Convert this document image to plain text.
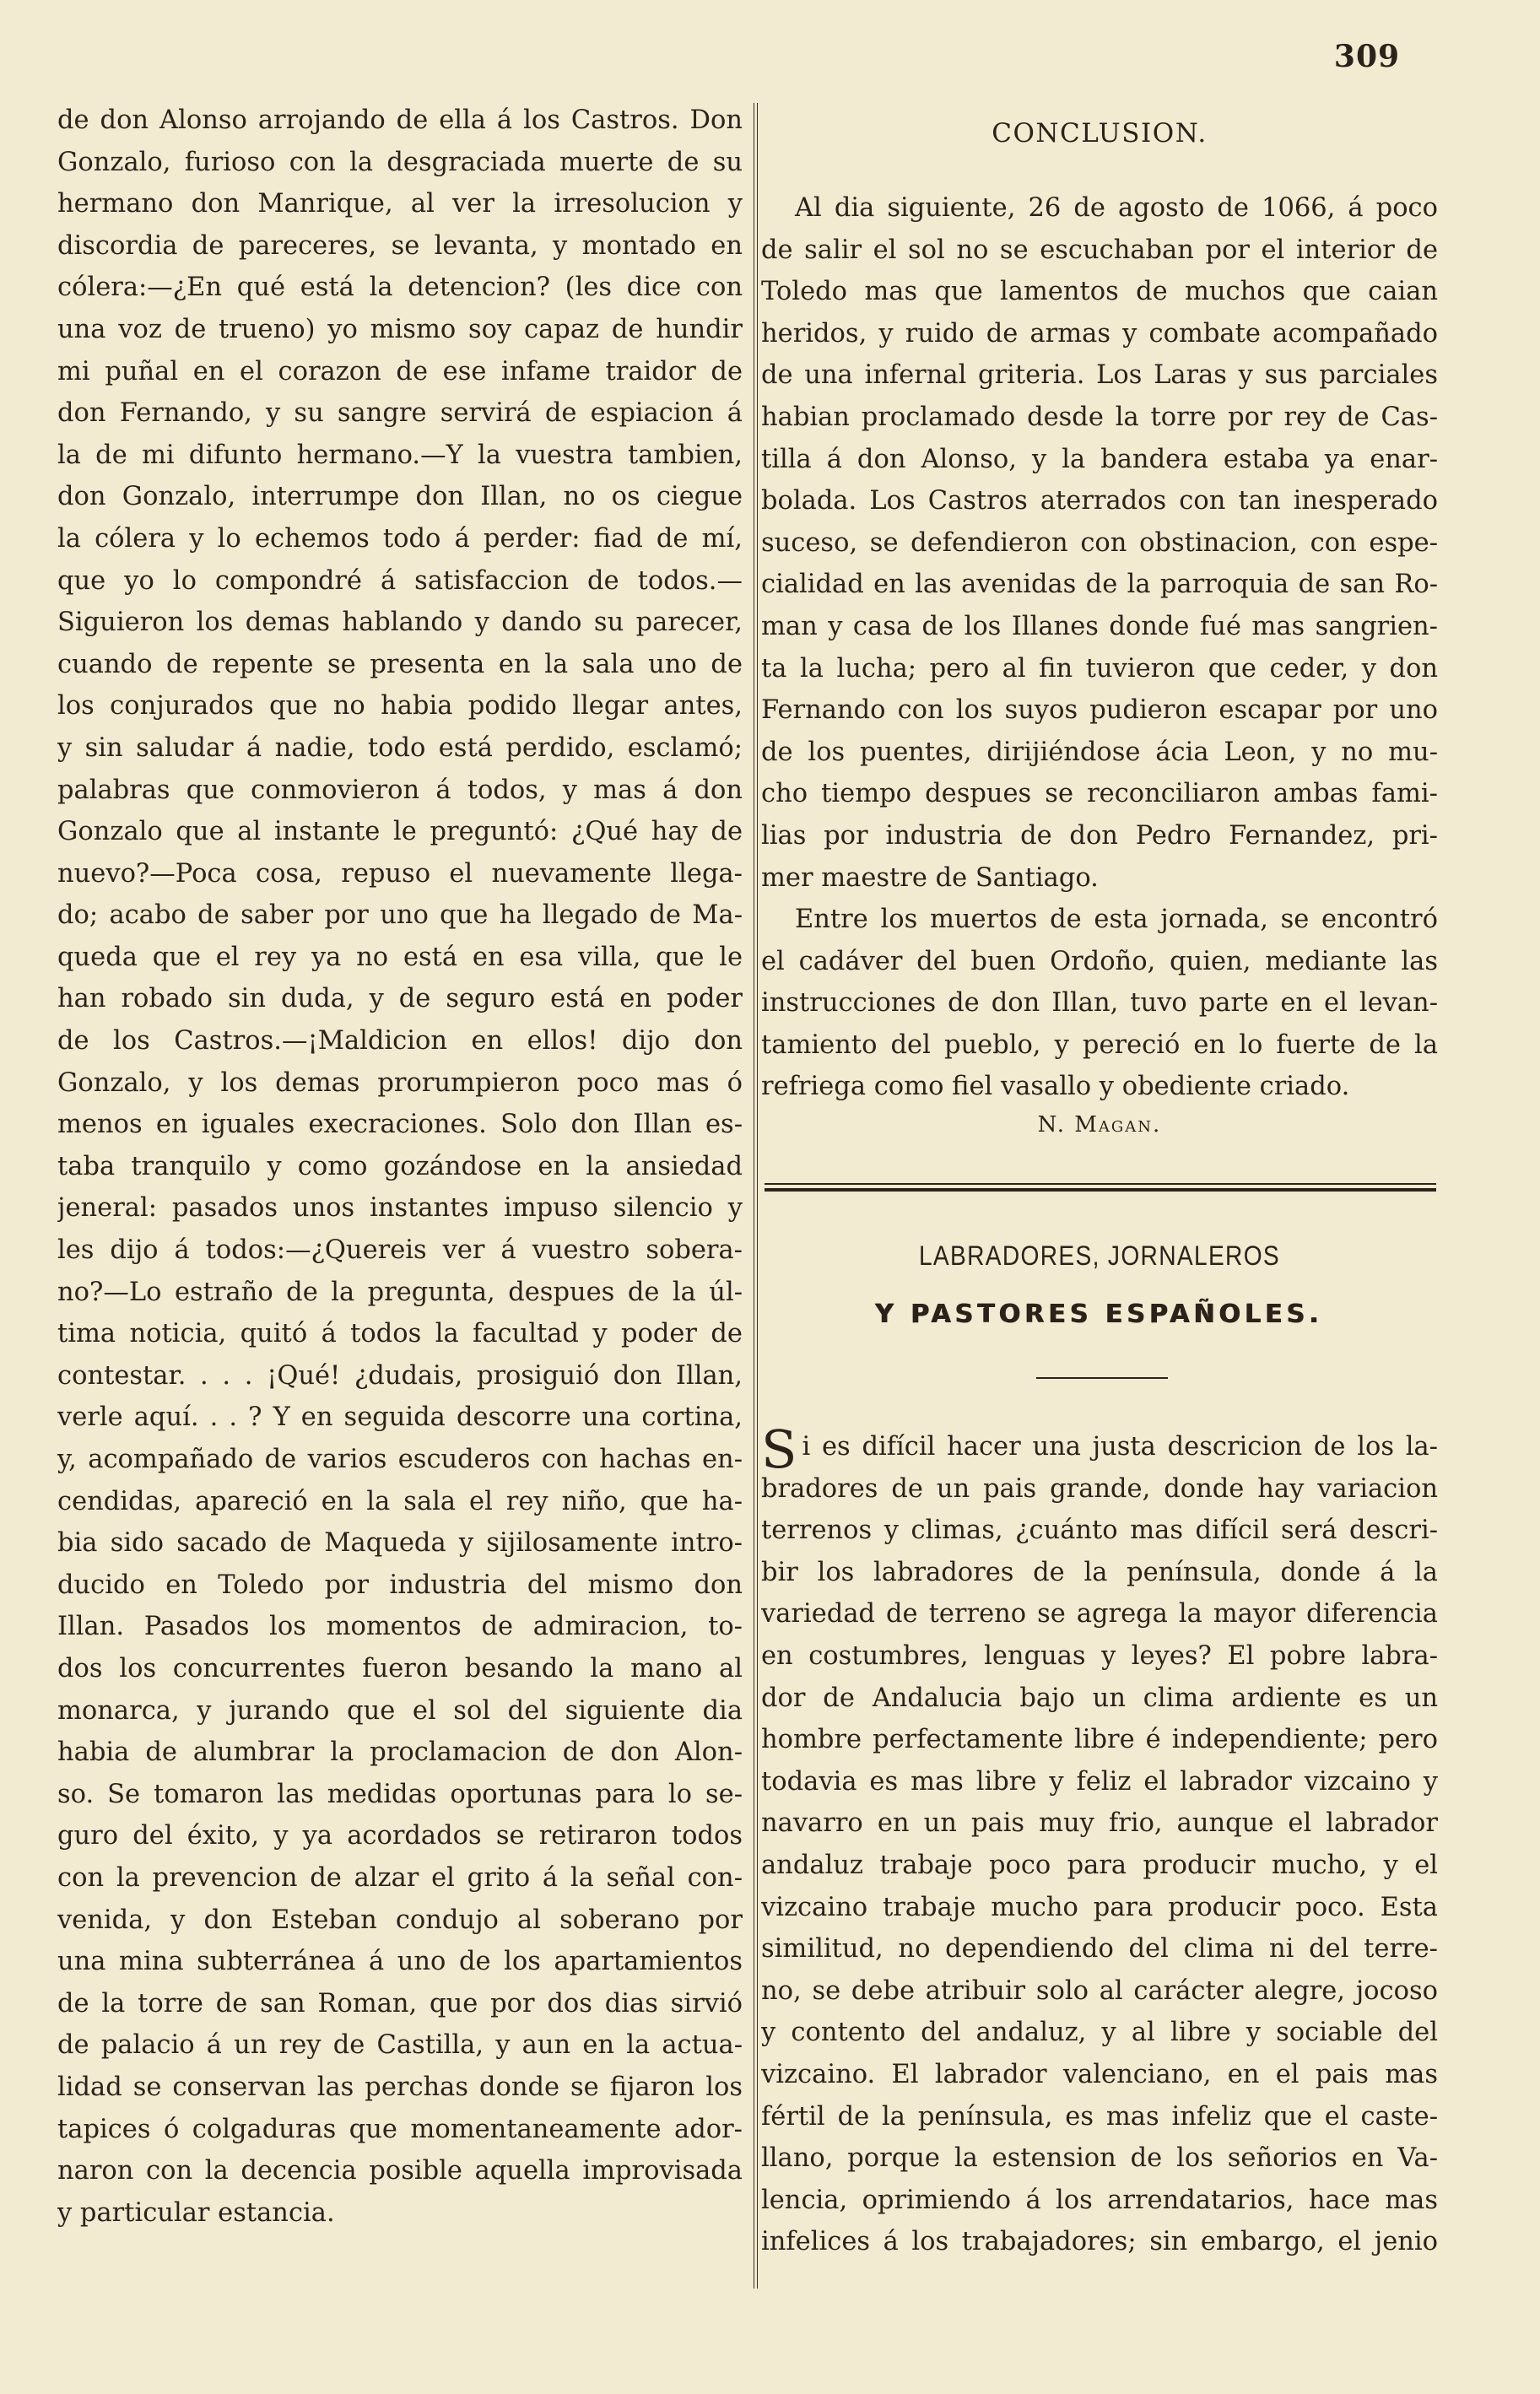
309
de don Alonso arrojando de ella á los Castros. Don
Gonzalo, furioso con la desgraciada muerte de su
hermano don Manrique, al ver la irresolucion y
discordia de pareceres, se levanta, y montado en
cólera:—¿En qué está la detencion? (les dice con
una voz de trueno) yo mismo soy capaz de hundir
mi puñal en el corazon de ese infame traidor de
don Fernando, y su sangre servirá de espiacion á
la de mi difunto hermano.—Y la vuestra tambien,
don Gonzalo, interrumpe don Illan, no os ciegue
la cólera y lo echemos todo á perder: fiad de mí,
que yo lo compondré á satisfaccion de todos.—
Siguieron los demas hablando y dando su parecer,
cuando de repente se presenta en la sala uno de
los conjurados que no habia podido llegar antes,
y sin saludar á nadie, todo está perdido, esclamó;
palabras que conmovieron á todos, y mas á don
Gonzalo que al instante le preguntó: ¿Qué hay de
nuevo?—Poca cosa, repuso el nuevamente llega-
do; acabo de saber por uno que ha llegado de Ma-
queda que el rey ya no está en esa villa, que le
han robado sin duda, y de seguro está en poder
de los Castros.—¡Maldicion en ellos! dijo don
Gonzalo, y los demas prorumpieron poco mas ó
menos en iguales execraciones. Solo don Illan es-
taba tranquilo y como gozándose en la ansiedad
jeneral: pasados unos instantes impuso silencio y
les dijo á todos:—¿Quereis ver á vuestro sobera-
no?—Lo estraño de la pregunta, despues de la úl-
tima noticia, quitó á todos la facultad y poder de
contestar. . . . ¡Qué! ¿dudais, prosiguió don Illan,
verle aquí. . . ? Y en seguida descorre una cortina,
y, acompañado de varios escuderos con hachas en-
cendidas, apareció en la sala el rey niño, que ha-
bia sido sacado de Maqueda y sijilosamente intro-
ducido en Toledo por industria del mismo don
Illan. Pasados los momentos de admiracion, to-
dos los concurrentes fueron besando la mano al
monarca, y jurando que el sol del siguiente dia
habia de alumbrar la proclamacion de don Alon-
so. Se tomaron las medidas oportunas para lo se-
guro del éxito, y ya acordados se retiraron todos
con la prevencion de alzar el grito á la señal con-
venida, y don Esteban condujo al soberano por
una mina subterránea á uno de los apartamientos
de la torre de san Roman, que por dos dias sirvió
de palacio á un rey de Castilla, y aun en la actua-
lidad se conservan las perchas donde se fijaron los
tapices ó colgaduras que momentaneamente ador-
naron con la decencia posible aquella improvisada
y particular estancia.
CONCLUSION.
Al dia siguiente, 26 de agosto de 1066, á poco
de salir el sol no se escuchaban por el interior de
Toledo mas que lamentos de muchos que caian
heridos, y ruido de armas y combate acompañado
de una infernal griteria. Los Laras y sus parciales
habian proclamado desde la torre por rey de Cas-
tilla á don Alonso, y la bandera estaba ya enar-
bolada. Los Castros aterrados con tan inesperado
suceso, se defendieron con obstinacion, con espe-
cialidad en las avenidas de la parroquia de san Ro-
man y casa de los Illanes donde fué mas sangrien-
ta la lucha; pero al fin tuvieron que ceder, y don
Fernando con los suyos pudieron escapar por uno
de los puentes, dirijiéndose ácia Leon, y no mu-
cho tiempo despues se reconciliaron ambas fami-
lias por industria de don Pedro Fernandez, pri-
mer maestre de Santiago.
Entre los muertos de esta jornada, se encontró
el cadáver del buen Ordoño, quien, mediante las
instrucciones de don Illan, tuvo parte en el levan-
tamiento del pueblo, y pereció en lo fuerte de la
refriega como fiel vasallo y obediente criado.
N. Magan.
LABRADORES, JORNALEROS
Y PASTORES ESPAÑOLES.
Si es difícil hacer una justa descricion de los la-
bradores de un pais grande, donde hay variacion
terrenos y climas, ¿cuánto mas difícil será descri-
bir los labradores de la península, donde á la
variedad de terreno se agrega la mayor diferencia
en costumbres, lenguas y leyes? El pobre labra-
dor de Andalucia bajo un clima ardiente es un
hombre perfectamente libre é independiente; pero
todavia es mas libre y feliz el labrador vizcaino y
navarro en un pais muy frio, aunque el labrador
andaluz trabaje poco para producir mucho, y el
vizcaino trabaje mucho para producir poco. Esta
similitud, no dependiendo del clima ni del terre-
no, se debe atribuir solo al carácter alegre, jocoso
y contento del andaluz, y al libre y sociable del
vizcaino. El labrador valenciano, en el pais mas
fértil de la península, es mas infeliz que el caste-
llano, porque la estension de los señorios en Va-
lencia, oprimiendo á los arrendatarios, hace mas
infelices á los trabajadores; sin embargo, el jenio
